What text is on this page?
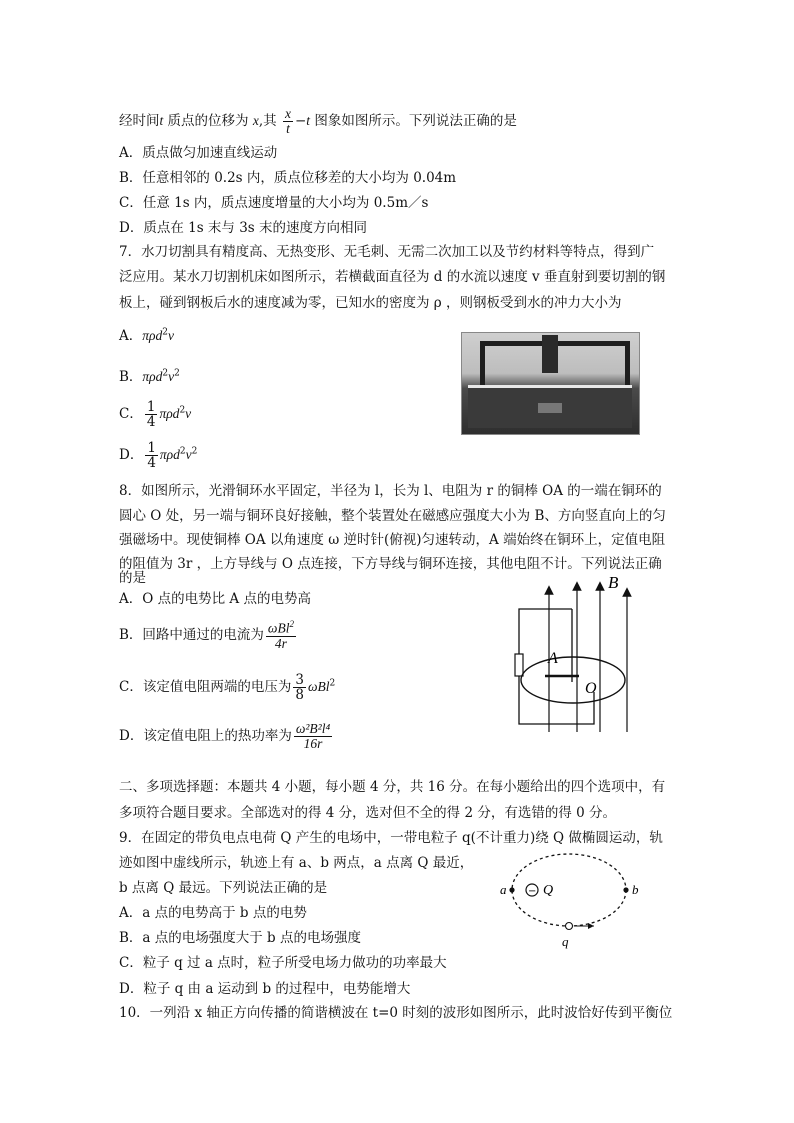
经时间t 质点的位移为 x,其 $\frac{x}{t} -t$ 图象如图所示。下列说法正确的是
A．质点做匀加速直线运动
B．任意相邻的 0.2s 内，质点位移差的大小均为 0.04m
C．任意 1s 内，质点速度增量的大小均为 0.5m／s
D．质点在 1s 末与 3s 末的速度方向相同
7．水刀切割具有精度高、无热变形、无毛刺、无需二次加工以及节约材料等特点，得到广
泛应用。某水刀切割机床如图所示，若横截面直径为 d 的水流以速度 v 垂直射到要切割的钢
板上，碰到钢板后水的速度减为零，已知水的密度为 ρ ，则钢板受到水的冲力大小为
A．πρd$^2$v
B．$\pi\rho d^2v^2$
C． $\frac{1}{4} \pi\rho d^2v$
D． $\frac{1}{4} \pi\rho d^2v^2$
8．如图所示，光滑铜环水平固定，半径为 l，长为 l、电阻为 r 的铜棒 OA 的一端在铜环的
圆心 O 处，另一端与铜环良好接触，整个装置处在磁感应强度大小为 B、方向竖直向上的匀
强磁场中。现使铜棒 OA 以角速度 ω 逆时针(俯视)匀速转动，A 端始终在铜环上，定值电阻
的阻值为 3r ，上方导线与 O 点连接，下方导线与铜环连接，其他电阻不计。下列说法正确
的是
A．O 点的电势比 A 点的电势高
B．回路中通过的电流为 $\frac{\omega Bl^2}{4r}$
C．该定值电阻两端的电压为 $\frac{3}{8} \omega Bl^2$
D．该定值电阻上的热功率为 $\frac{\text{ω²B²l⁴}}{16r}$
B
A
O
二、多项选择题：本题共 4 小题，每小题 4 分，共 16 分。在每小题给出的四个选项中，有
多项符合题目要求。全部选对的得 4 分，选对但不全的得 2 分，有选错的得 0 分。
9．在固定的带负电点电荷 Q 产生的电场中，一带电粒子 q(不计重力)绕 Q 做椭圆运动，轨
迹如图中虚线所示，轨迹上有 a、b 两点，a 点离 Q 最近，
b 点离 Q 最远。下列说法正确的是
A．a 点的电势高于 b 点的电势
B．a 点的电场强度大于 b 点的电场强度
C．粒子 q 过 a 点时，粒子所受电场力做功的功率最大
D．粒子 q 由 a 运动到 b 的过程中，电势能增大
−
a	Q	b
q
10．一列沿 x 轴正方向传播的简谐横波在 t=0 时刻的波形如图所示，此时波恰好传到平衡位
